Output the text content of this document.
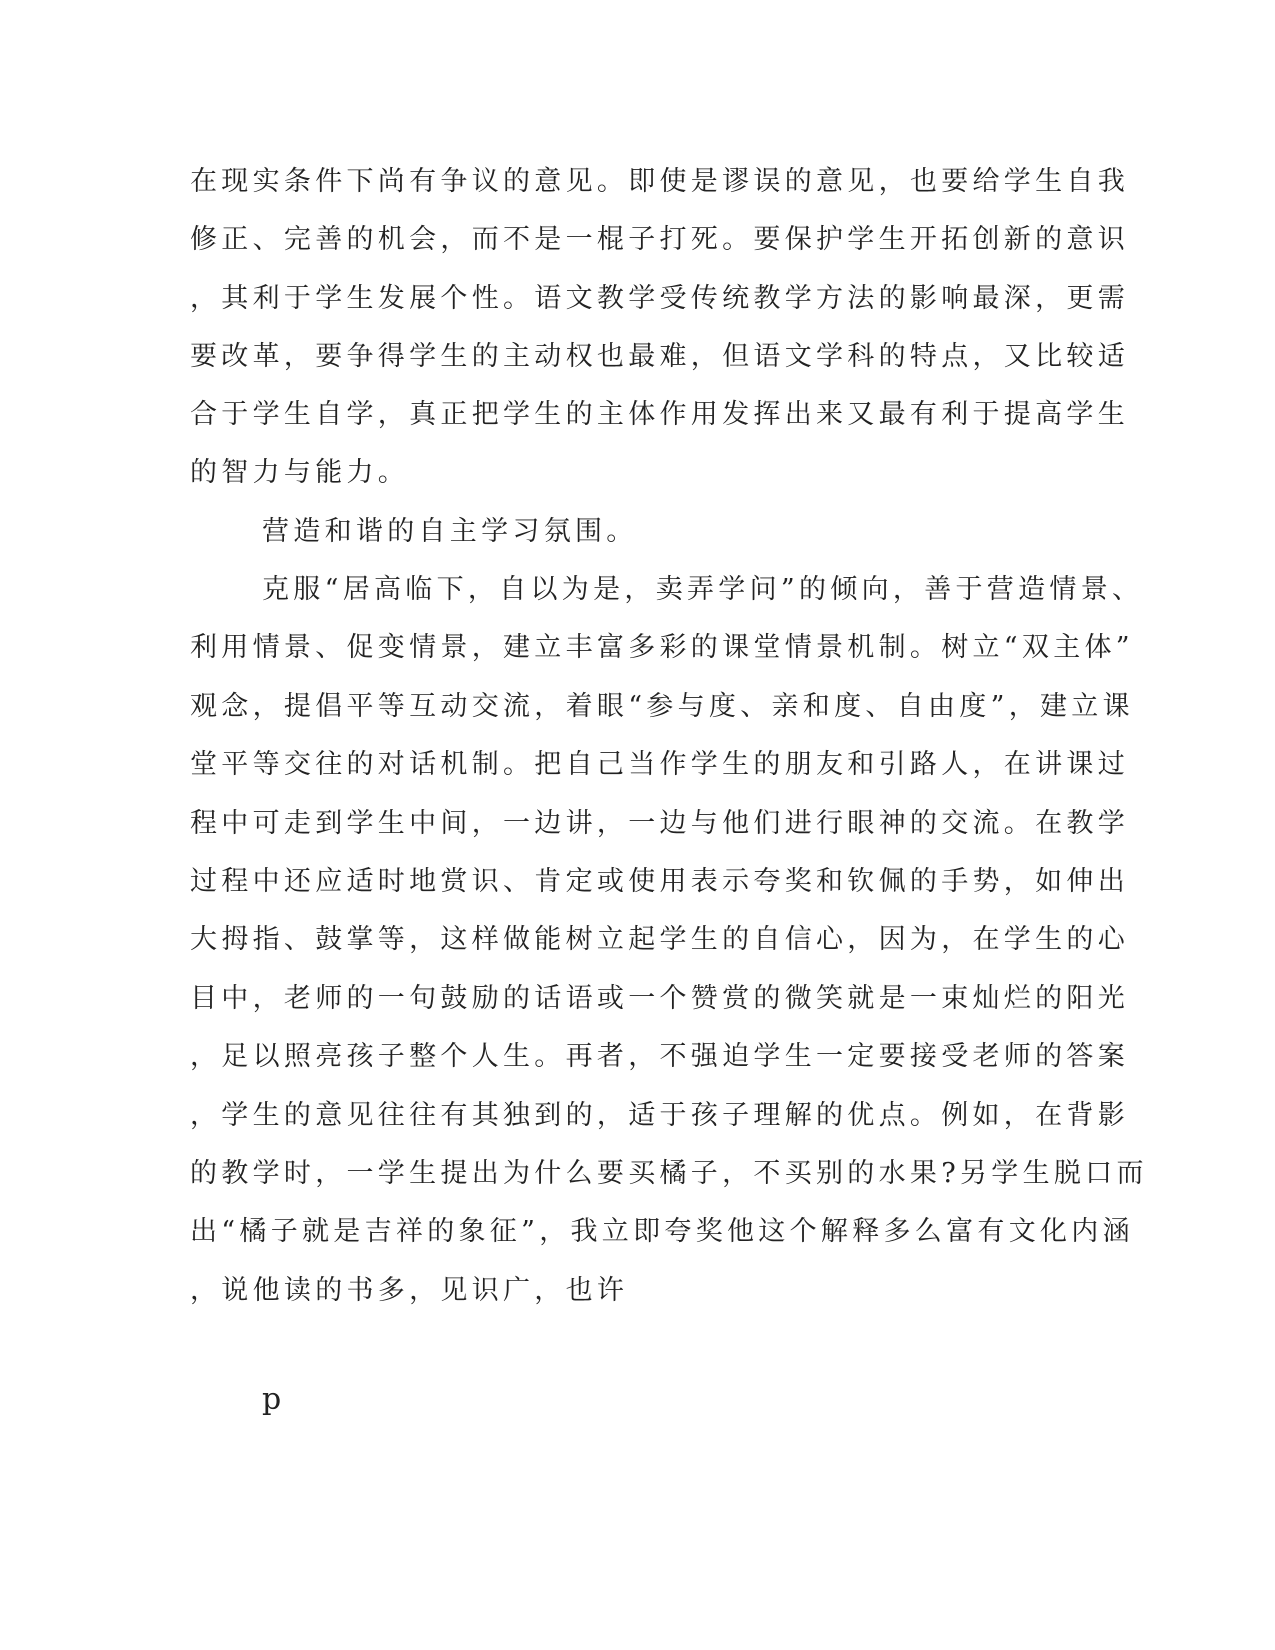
在现实条件下尚有争议的意见。即使是谬误的意见，也要给学生自我
修正、完善的机会，而不是一棍子打死。要保护学生开拓创新的意识
，其利于学生发展个性。语文教学受传统教学方法的影响最深，更需
要改革，要争得学生的主动权也最难，但语文学科的特点，又比较适
合于学生自学，真正把学生的主体作用发挥出来又最有利于提高学生
的智力与能力。
营造和谐的自主学习氛围。
克服“居高临下，自以为是，卖弄学问”的倾向，善于营造情景、
利用情景、促变情景，建立丰富多彩的课堂情景机制。树立“双主体”
观念，提倡平等互动交流，着眼“参与度、亲和度、自由度”，建立课
堂平等交往的对话机制。把自己当作学生的朋友和引路人，在讲课过
程中可走到学生中间，一边讲，一边与他们进行眼神的交流。在教学
过程中还应适时地赏识、肯定或使用表示夸奖和钦佩的手势，如伸出
大拇指、鼓掌等，这样做能树立起学生的自信心，因为，在学生的心
目中，老师的一句鼓励的话语或一个赞赏的微笑就是一束灿烂的阳光
，足以照亮孩子整个人生。再者，不强迫学生一定要接受老师的答案
，学生的意见往往有其独到的，适于孩子理解的优点。例如，在背影
的教学时，一学生提出为什么要买橘子，不买别的水果?另学生脱口而
出“橘子就是吉祥的象征”，我立即夸奖他这个解释多么富有文化内涵
，说他读的书多，见识广，也许
p
